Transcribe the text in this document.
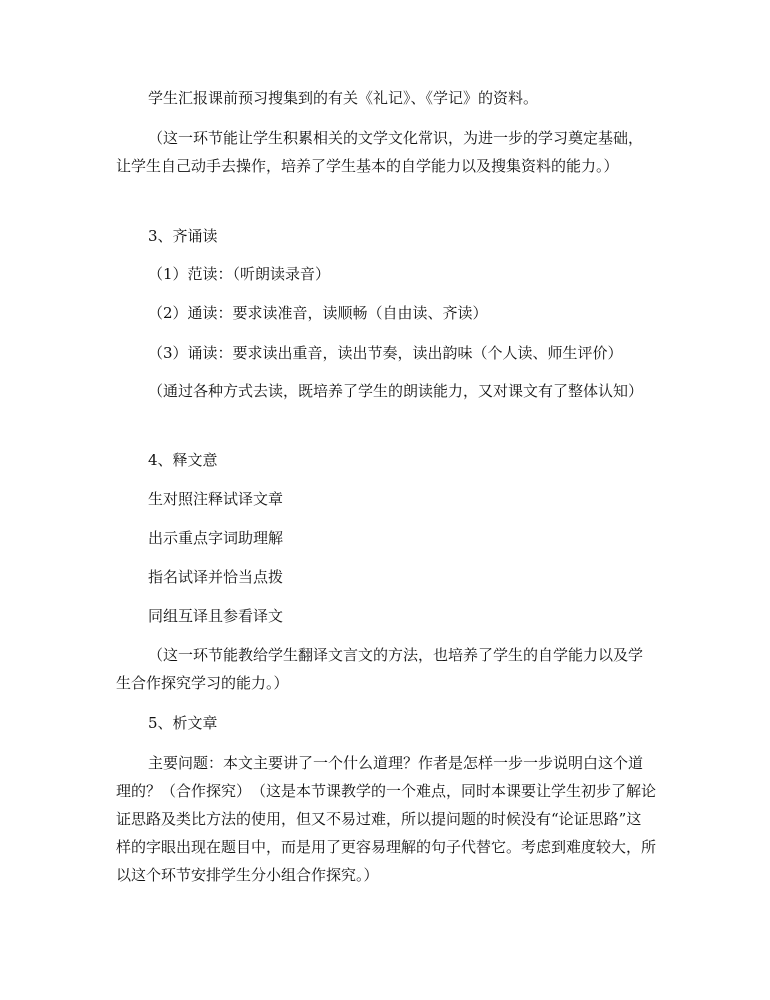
学生汇报课前预习搜集到的有关《礼记》、《学记》的资料。

（这一环节能让学生积累相关的文学文化常识，为进一步的学习奠定基础，让学生自己动手去操作，培养了学生基本的自学能力以及搜集资料的能力。）

3、齐诵读

（1）范读：（听朗读录音）

（2）通读：要求读准音，读顺畅（自由读、齐读）

（3）诵读：要求读出重音，读出节奏，读出韵味（个人读、师生评价）

（通过各种方式去读，既培养了学生的朗读能力，又对课文有了整体认知）

4、释文意

生对照注释试译文章

出示重点字词助理解

指名试译并恰当点拨

同组互译且参看译文

（这一环节能教给学生翻译文言文的方法，也培养了学生的自学能力以及学生合作探究学习的能力。）

5、析文章

主要问题：本文主要讲了一个什么道理？作者是怎样一步一步说明白这个道理的？（合作探究）　（这是本节课教学的一个难点，同时本课要让学生初步了解论证思路及类比方法的使用，但又不易过难，所以提问题的时候没有“论证思路”这样的字眼出现在题目中，而是用了更容易理解的句子代替它。考虑到难度较大，所以这个环节安排学生分小组合作探究。）
